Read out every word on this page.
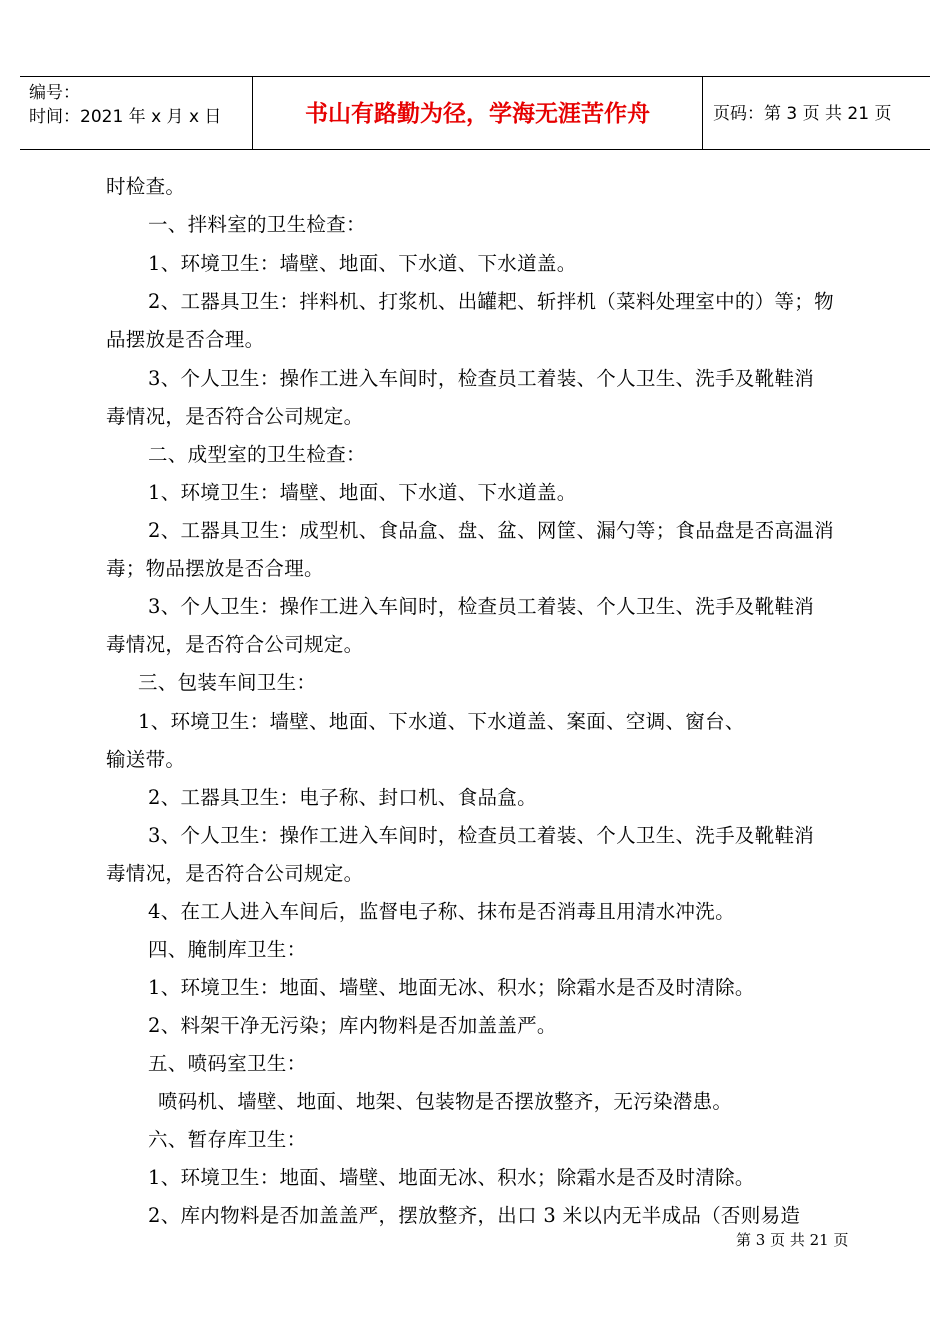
编号：
时间：2021 年 x 月 x 日	书山有路勤为径，学海无涯苦作舟	页码：第 3 页 共 21 页
时检查。
一、拌料室的卫生检查：
1、环境卫生：墙壁、地面、下水道、下水道盖。
2、工器具卫生：拌料机、打浆机、出罐耙、斩拌机（菜料处理室中的）等；物
品摆放是否合理。
3、个人卫生：操作工进入车间时，检查员工着装、个人卫生、洗手及靴鞋消
毒情况，是否符合公司规定。
二、成型室的卫生检查：
1、环境卫生：墙壁、地面、下水道、下水道盖。
2、工器具卫生：成型机、食品盒、盘、盆、网筐、漏勺等；食品盘是否高温消
毒；物品摆放是否合理。
3、个人卫生：操作工进入车间时，检查员工着装、个人卫生、洗手及靴鞋消
毒情况，是否符合公司规定。
三、包装车间卫生：
1、环境卫生：墙壁、地面、下水道、下水道盖、案面、空调、窗台、
输送带。
2、工器具卫生：电子称、封口机、食品盒。
3、个人卫生：操作工进入车间时，检查员工着装、个人卫生、洗手及靴鞋消
毒情况，是否符合公司规定。
4、在工人进入车间后，监督电子称、抹布是否消毒且用清水冲洗。
四、腌制库卫生：
1、环境卫生：地面、墙壁、地面无冰、积水；除霜水是否及时清除。
2、料架干净无污染；库内物料是否加盖盖严。
五、喷码室卫生：
喷码机、墙壁、地面、地架、包装物是否摆放整齐，无污染潜患。
六、暂存库卫生：
1、环境卫生：地面、墙壁、地面无冰、积水；除霜水是否及时清除。
2、库内物料是否加盖盖严，摆放整齐，出口 3 米以内无半成品（否则易造
第 3 页 共 21 页
